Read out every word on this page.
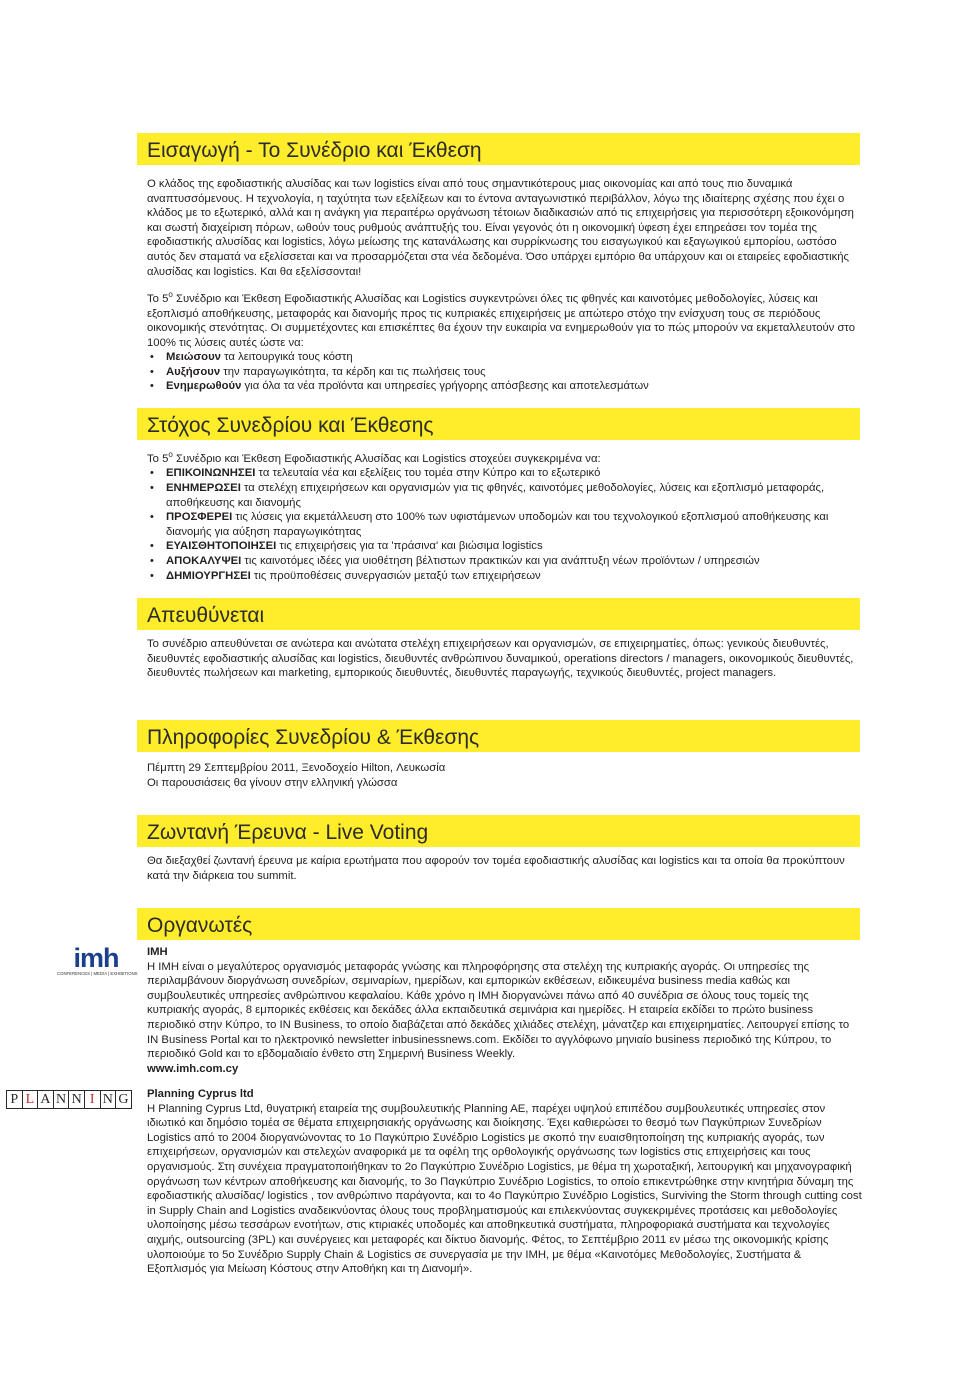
Εισαγωγή - Το Συνέδριο και Έκθεση

Ο κλάδος της εφοδιαστικής αλυσίδας και των logistics είναι από τους σημαντικότερους μιας οικονομίας και από τους πιο δυναμικά αναπτυσσόμενους. Η τεχνολογία, η ταχύτητα των εξελίξεων και το έντονα ανταγωνιστικό περιβάλλον, λόγω της ιδιαίτερης σχέσης που έχει ο κλάδος με το εξωτερικό, αλλά και η ανάγκη για περαιτέρω οργάνωση τέτοιων διαδικασιών από τις επιχειρήσεις για περισσότερη εξοικονόμηση και σωστή διαχείριση πόρων, ωθούν τους ρυθμούς ανάπτυξής του. Είναι γεγονός ότι η οικονομική ύφεση έχει επηρεάσει τον τομέα της εφοδιαστικής αλυσίδας και logistics, λόγω μείωσης της κατανάλωσης και συρρίκνωσης του εισαγωγικού και εξαγωγικού εμπορίου, ωστόσο αυτός δεν σταματά να εξελίσσεται και να προσαρμόζεται στα νέα δεδομένα. Όσο υπάρχει εμπόριο θα υπάρχουν και οι εταιρείες εφοδιαστικής αλυσίδας και logistics. Και θα εξελίσσονται!

Το $5^o$ Συνέδριο και Έκθεση Εφοδιαστικής Αλυσίδας και Logistics συγκεντρώνει όλες τις φθηνές και καινοτόμες μεθοδολογίες, λύσεις και εξοπλισμό αποθήκευσης, μεταφοράς και διανομής προς τις κυπριακές επιχειρήσεις με απώτερο στόχο την ενίσχυση τους σε περιόδους οικονομικής στενότητας. Οι συμμετέχοντες και επισκέπτες θα έχουν την ευκαιρία να ενημερωθούν για το πώς μπορούν να εκμεταλλευτούν στο 100% τις λύσεις αυτές ώστε να:

• Μειώσουν τα λειτουργικά τους κόστη
• Αυξήσουν την παραγωγικότητα, τα κέρδη και τις πωλήσεις τους
• Ενημερωθούν για όλα τα νέα προϊόντα και υπηρεσίες γρήγορης απόσβεσης και αποτελεσμάτων
Στόχος Συνεδρίου και Έκθεσης

Το $5^o$ Συνέδριο και Έκθεση Εφοδιαστικής Αλυσίδας και Logistics στοχεύει συγκεκριμένα να:

• ΕΠΙΚΟΙΝΩΝΗΣΕΙ τα τελευταία νέα και εξελίξεις του τομέα στην Κύπρο και το εξωτερικό
• ΕΝΗΜΕΡΩΣΕΙ τα στελέχη επιχειρήσεων και οργανισμών για τις φθηνές, καινοτόμες μεθοδολογίες, λύσεις και εξοπλισμό μεταφοράς, αποθήκευσης και διανομής
• ΠΡΟΣΦΕΡΕΙ τις λύσεις για εκμετάλλευση στο 100% των υφιστάμενων υποδομών και του τεχνολογικού εξοπλισμού αποθήκευσης και διανομής για αύξηση παραγωγικότητας
• ΕΥΑΙΣΘΗΤΟΠΟΙΗΣΕΙ τις επιχειρήσεις για τα 'πράσινα' και βιώσιμα logistics
• ΑΠΟΚΑΛΥΨΕΙ τις καινοτόμες ιδέες για υιοθέτηση βέλτιστων πρακτικών και για ανάπτυξη νέων προϊόντων / υπηρεσιών
• ΔΗΜΙΟΥΡΓΗΣΕΙ τις προϋποθέσεις συνεργασιών μεταξύ των επιχειρήσεων
Απευθύνεται

Το συνέδριο απευθύνεται σε ανώτερα και ανώτατα στελέχη επιχειρήσεων και οργανισμών, σε επιχειρηματίες, όπως: γενικούς διευθυντές, διευθυντές εφοδιαστικής αλυσίδας και logistics, διευθυντές ανθρώπινου δυναμικού, operations directors / managers, οικονομικούς διευθυντές, διευθυντές πωλήσεων και marketing, εμπορικούς διευθυντές, διευθυντές παραγωγής, τεχνικούς διευθυντές, project managers.

Πληροφορίες Συνεδρίου & Έκθεσης

Πέμπτη 29 Σεπτεμβρίου 2011, Ξενοδοχείο Hilton, Λευκωσία

Οι παρουσιάσεις θα γίνουν στην ελληνική γλώσσα

Ζωντανή Έρευνα - Live Voting

Θα διεξαχθεί ζωντανή έρευνα με καίρια ερωτήματα που αφορούν τον τομέα εφοδιαστικής αλυσίδας και logistics και τα οποία θα προκύπτουν κατά την διάρκεια του summit.

Οργανωτές
imh
CONFERENCES | MEDIA | EXHIBITIONS

IMH

Η IMH είναι ο μεγαλύτερος οργανισμός μεταφοράς γνώσης και πληροφόρησης στα στελέχη της κυπριακής αγοράς. Οι υπηρεσίες της περιλαμβάνουν διοργάνωση συνεδρίων, σεμιναρίων, ημερίδων, και εμπορικών εκθέσεων, ειδικευμένα business media καθώς και συμβουλευτικές υπηρεσίες ανθρώπινου κεφαλαίου. Κάθε χρόνο η IMH διοργανώνει πάνω από 40 συνέδρια σε όλους τους τομείς της κυπριακής αγοράς, 8 εμπορικές εκθέσεις και δεκάδες άλλα εκπαιδευτικά σεμινάρια και ημερίδες. Η εταιρεία εκδίδει το πρώτο business περιοδικό στην Κύπρο, το IN Business, το οποίο διαβάζεται από δεκάδες χιλιάδες στελέχη, μάνατζερ και επιχειρηματίες. Λειτουργεί επίσης το IN Business Portal και το ηλεκτρονικό newsletter inbusinessnews.com. Εκδίδει το αγγλόφωνο μηνιαίο business περιοδικό της Κύπρου, το περιοδικό Gold και το εβδομαδιαίο ένθετο στη Σημερινή Business Weekly.

www.imh.com.cy

P L A N N I N G Planning Cyprus ltd

Η Planning Cyprus Ltd, θυγατρική εταιρεία της συμβουλευτικής Planning AE, παρέχει υψηλού επιπέδου συμβουλευτικές υπηρεσίες στον ιδιωτικό και δημόσιο τομέα σε θέματα επιχειρησιακής οργάνωσης και διοίκησης. Έχει καθιερώσει το θεσμό των Παγκύπριων Συνεδρίων Logistics από το 2004 διοργανώνοντας το 1ο Παγκύπριο Συνέδριο Logistics με σκοπό την ευαισθητοποίηση της κυπριακής αγοράς, των επιχειρήσεων, οργανισμών και στελεχών αναφορικά με τα οφέλη της ορθολογικής οργάνωσης των logistics στις επιχειρήσεις και τους οργανισμούς. Στη συνέχεια πραγματοποιήθηκαν το 2ο Παγκύπριο Συνέδριο Logistics, με θέμα τη χωροταξική, λειτουργική και μηχανογραφική οργάνωση των κέντρων αποθήκευσης και διανομής, το 3ο Παγκύπριο Συνέδριο Logistics, το οποίο επικεντρώθηκε στην κινητήρια δύναμη της εφοδιαστικής αλυσίδας/ logistics , τον ανθρώπινο παράγοντα, και το 4ο Παγκύπριο Συνέδριο Logistics, Surviving the Storm through cutting cost in Supply Chain and Logistics αναδεικνύοντας όλους τους προβληματισμούς και επιλεκνύοντας συγκεκριμένες προτάσεις και μεθοδολογίες υλοποίησης μέσω τεσσάρων ενοτήτων, στις κτιριακές υποδομές και αποθηκευτικά συστήματα, πληροφοριακά συστήματα και τεχνολογίες αιχμής, outsourcing (3PL) και συνέργειες και μεταφορές και δίκτυο διανομής. Φέτος, το Σεπτέμβριο 2011 εν μέσω της οικονομικής κρίσης υλοποιούμε το 5ο Συνέδριο Supply Chain & Logistics σε συνεργασία με την IMH, με θέμα «Καινοτόμες Μεθοδολογίες, Συστήματα & Εξοπλισμός για Μείωση Κόστους στην Αποθήκη και τη Διανομή».
